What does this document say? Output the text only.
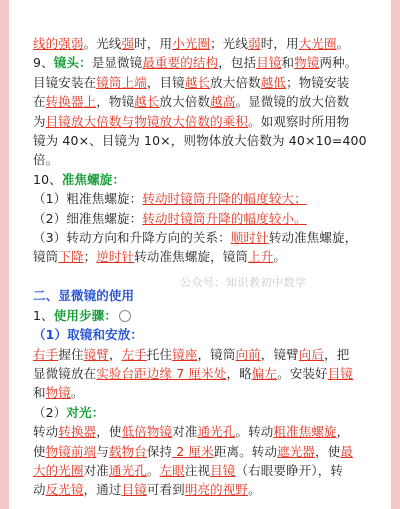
线的强弱。光线强时，用小光圈；光线弱时，用大光圈。
9、镜头：是显微镜最重要的结构，包括目镜和物镜两种。
目镜安装在镜筒上端，目镜越长放大倍数越低；物镜安装
在转换器上，物镜越长放大倍数越高。显微镜的放大倍数
为目镜放大倍数与物镜放大倍数的乘积。如观察时所用物
镜为 40×、目镜为 10×，则物体放大倍数为 40×10=400
倍。
10、准焦螺旋：
（1）粗准焦螺旋：转动时镜筒升降的幅度较大；
（2）细准焦螺旋：转动时镜筒升降的幅度较小。
（3）转动方向和升降方向的关系：顺时针转动准焦螺旋，
镜筒下降；逆时针转动准焦螺旋，镜筒上升。

二、显微镜的使用
1、使用步骤：
（1）取镜和安放：
右手握住镜臂，左手托住镜座，镜筒向前，镜臂向后，把
显微镜放在实验台距边缘 7 厘米处，略偏左。安装好目镜
和物镜。
（2）对光：
转动转换器，使低倍物镜对准通光孔。转动粗准焦螺旋，
使物镜前端与载物台保持 2 厘米距离。转动遮光器，使最
大的光圈对准通光孔。左眼注视目镜（右眼要睁开），转
动反光镜，通过目镜可看到明亮的视野。
公众号：知识教初中数学
